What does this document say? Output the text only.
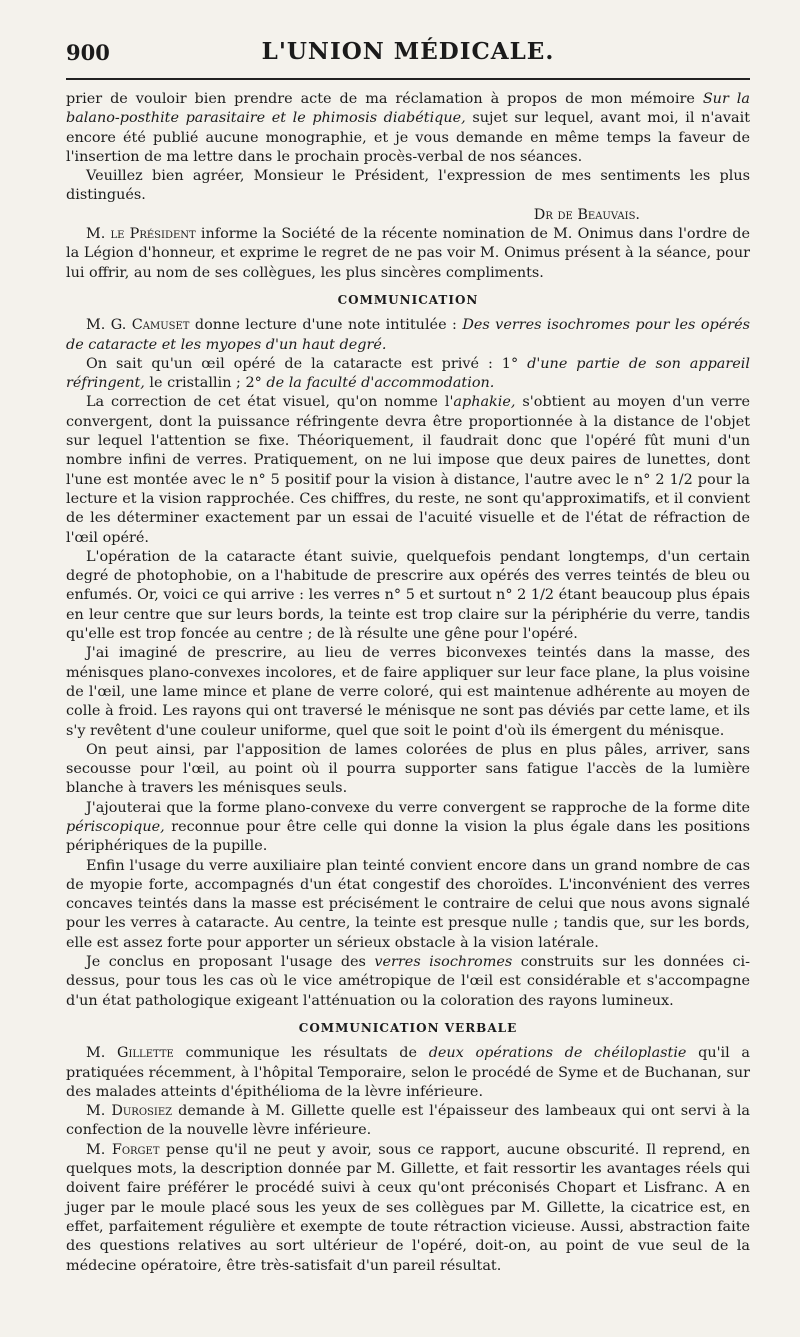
900	L'UNION MÉDICALE.

prier de vouloir bien prendre acte de ma réclamation à propos de mon mémoire Sur la balano-posthite parasitaire et le phimosis diabétique, sujet sur lequel, avant moi, il n'avait encore été publié aucune monographie, et je vous demande en même temps la faveur de l'insertion de ma lettre dans le prochain procès-verbal de nos séances.

Veuillez bien agréer, Monsieur le Président, l'expression de mes sentiments les plus distingués.

Dr de Beauvais.

M. le Président informe la Société de la récente nomination de M. Onimus dans l'ordre de la Légion d'honneur, et exprime le regret de ne pas voir M. Onimus présent à la séance, pour lui offrir, au nom de ses collègues, les plus sincères compliments.

COMMUNICATION

M. G. Camuset donne lecture d'une note intitulée : Des verres isochromes pour les opérés de cataracte et les myopes d'un haut degré.

On sait qu'un œil opéré de la cataracte est privé : 1° d'une partie de son appareil réfringent, le cristallin ; 2° de la faculté d'accommodation.

La correction de cet état visuel, qu'on nomme l'aphakie, s'obtient au moyen d'un verre convergent, dont la puissance réfringente devra être proportionnée à la distance de l'objet sur lequel l'attention se fixe. Théoriquement, il faudrait donc que l'opéré fût muni d'un nombre infini de verres. Pratiquement, on ne lui impose que deux paires de lunettes, dont l'une est montée avec le n° 5 positif pour la vision à distance, l'autre avec le n° 2 1/2 pour la lecture et la vision rapprochée. Ces chiffres, du reste, ne sont qu'approximatifs, et il convient de les déterminer exactement par un essai de l'acuité visuelle et de l'état de réfraction de l'œil opéré.

L'opération de la cataracte étant suivie, quelquefois pendant longtemps, d'un certain degré de photophobie, on a l'habitude de prescrire aux opérés des verres teintés de bleu ou enfumés. Or, voici ce qui arrive : les verres n° 5 et surtout n° 2 1/2 étant beaucoup plus épais en leur centre que sur leurs bords, la teinte est trop claire sur la périphérie du verre, tandis qu'elle est trop foncée au centre ; de là résulte une gêne pour l'opéré.

J'ai imaginé de prescrire, au lieu de verres biconvexes teintés dans la masse, des ménisques plano-convexes incolores, et de faire appliquer sur leur face plane, la plus voisine de l'œil, une lame mince et plane de verre coloré, qui est maintenue adhérente au moyen de colle à froid. Les rayons qui ont traversé le ménisque ne sont pas déviés par cette lame, et ils s'y revêtent d'une couleur uniforme, quel que soit le point d'où ils émergent du ménisque.

On peut ainsi, par l'apposition de lames colorées de plus en plus pâles, arriver, sans secousse pour l'œil, au point où il pourra supporter sans fatigue l'accès de la lumière blanche à travers les ménisques seuls.

J'ajouterai que la forme plano-convexe du verre convergent se rapproche de la forme dite périscopique, reconnue pour être celle qui donne la vision la plus égale dans les positions périphériques de la pupille.

Enfin l'usage du verre auxiliaire plan teinté convient encore dans un grand nombre de cas de myopie forte, accompagnés d'un état congestif des choroïdes. L'inconvénient des verres concaves teintés dans la masse est précisément le contraire de celui que nous avons signalé pour les verres à cataracte. Au centre, la teinte est presque nulle ; tandis que, sur les bords, elle est assez forte pour apporter un sérieux obstacle à la vision latérale.

Je conclus en proposant l'usage des verres isochromes construits sur les données ci-dessus, pour tous les cas où le vice amétropique de l'œil est considérable et s'accompagne d'un état pathologique exigeant l'atténuation ou la coloration des rayons lumineux.

COMMUNICATION VERBALE

M. Gillette communique les résultats de deux opérations de chéiloplastie qu'il a pratiquées récemment, à l'hôpital Temporaire, selon le procédé de Syme et de Buchanan, sur des malades atteints d'épithélioma de la lèvre inférieure.

M. Durosiez demande à M. Gillette quelle est l'épaisseur des lambeaux qui ont servi à la confection de la nouvelle lèvre inférieure.

M. Forget pense qu'il ne peut y avoir, sous ce rapport, aucune obscurité. Il reprend, en quelques mots, la description donnée par M. Gillette, et fait ressortir les avantages réels qui doivent faire préférer le procédé suivi à ceux qu'ont préconisés Chopart et Lisfranc. A en juger par le moule placé sous les yeux de ses collègues par M. Gillette, la cicatrice est, en effet, parfaitement régulière et exempte de toute rétraction vicieuse. Aussi, abstraction faite des questions relatives au sort ultérieur de l'opéré, doit-on, au point de vue seul de la médecine opératoire, être très-satisfait d'un pareil résultat.
